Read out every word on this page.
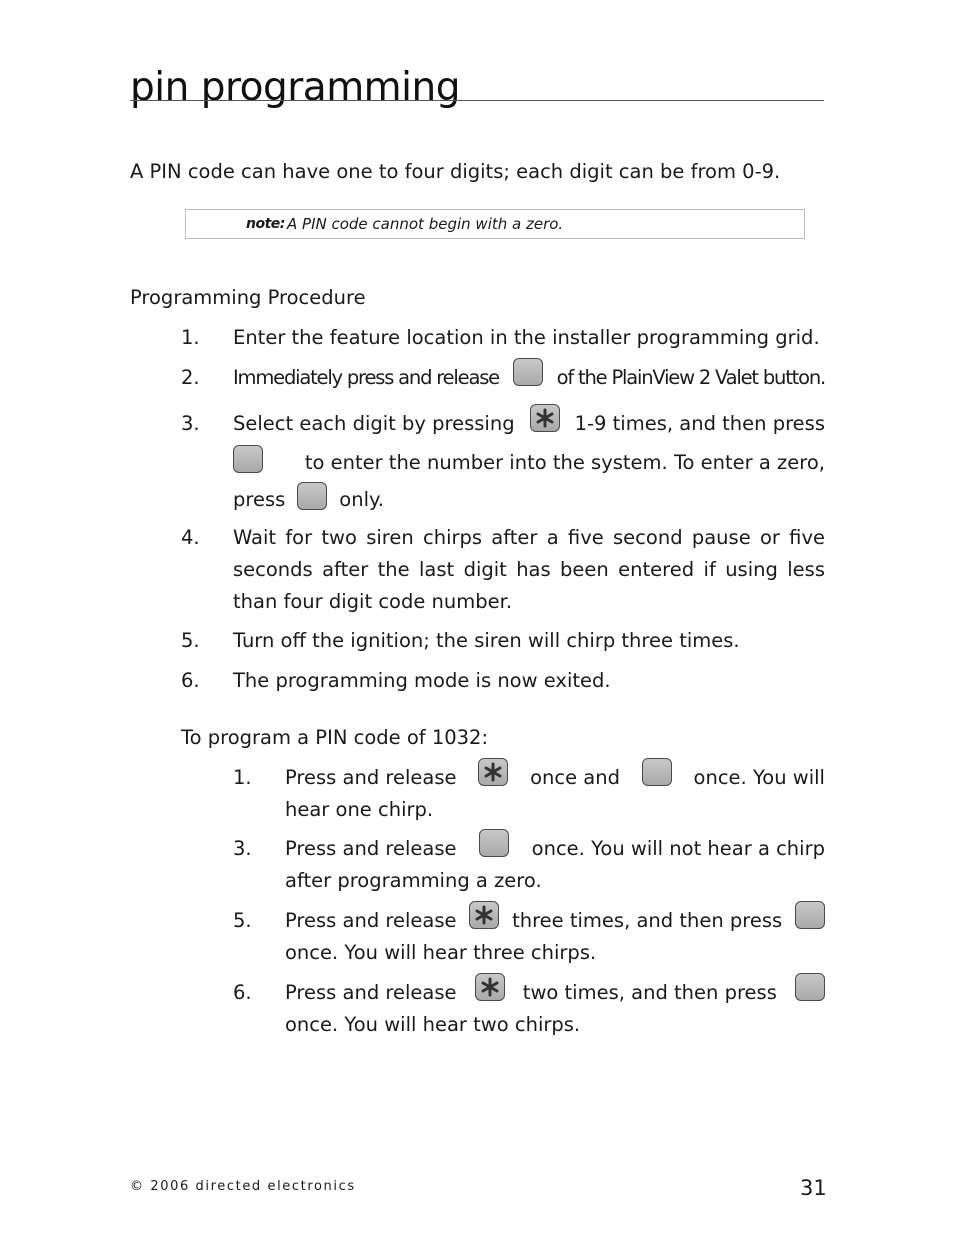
pin programming
A PIN code can have one to four digits; each digit can be from 0-9.
note: A PIN code cannot begin with a zero.
Programming Procedure
1. Enter the feature location in the installer programming grid.
2. Immediately press and release	of the PlainView 2 Valet button.
3. Select each digit by pressing	1-9 times, and then press
to enter the number into the system. To enter a zero,
press	only.
4. Wait for two siren chirps after a five second pause or five seconds after the last digit has been entered if using less than four digit code number.
5. Turn off the ignition; the siren will chirp three times.
6. The programming mode is now exited.
To program a PIN code of 1032:
1. Press and release	once and	once. You will
hear one chirp.
3. Press and release	once. You will not hear a chirp
after programming a zero.
5. Press and release	three times, and then press
once. You will hear three chirps.
6. Press and release	two times, and then press
once. You will hear two chirps.
© 2006 directed electronics	31
